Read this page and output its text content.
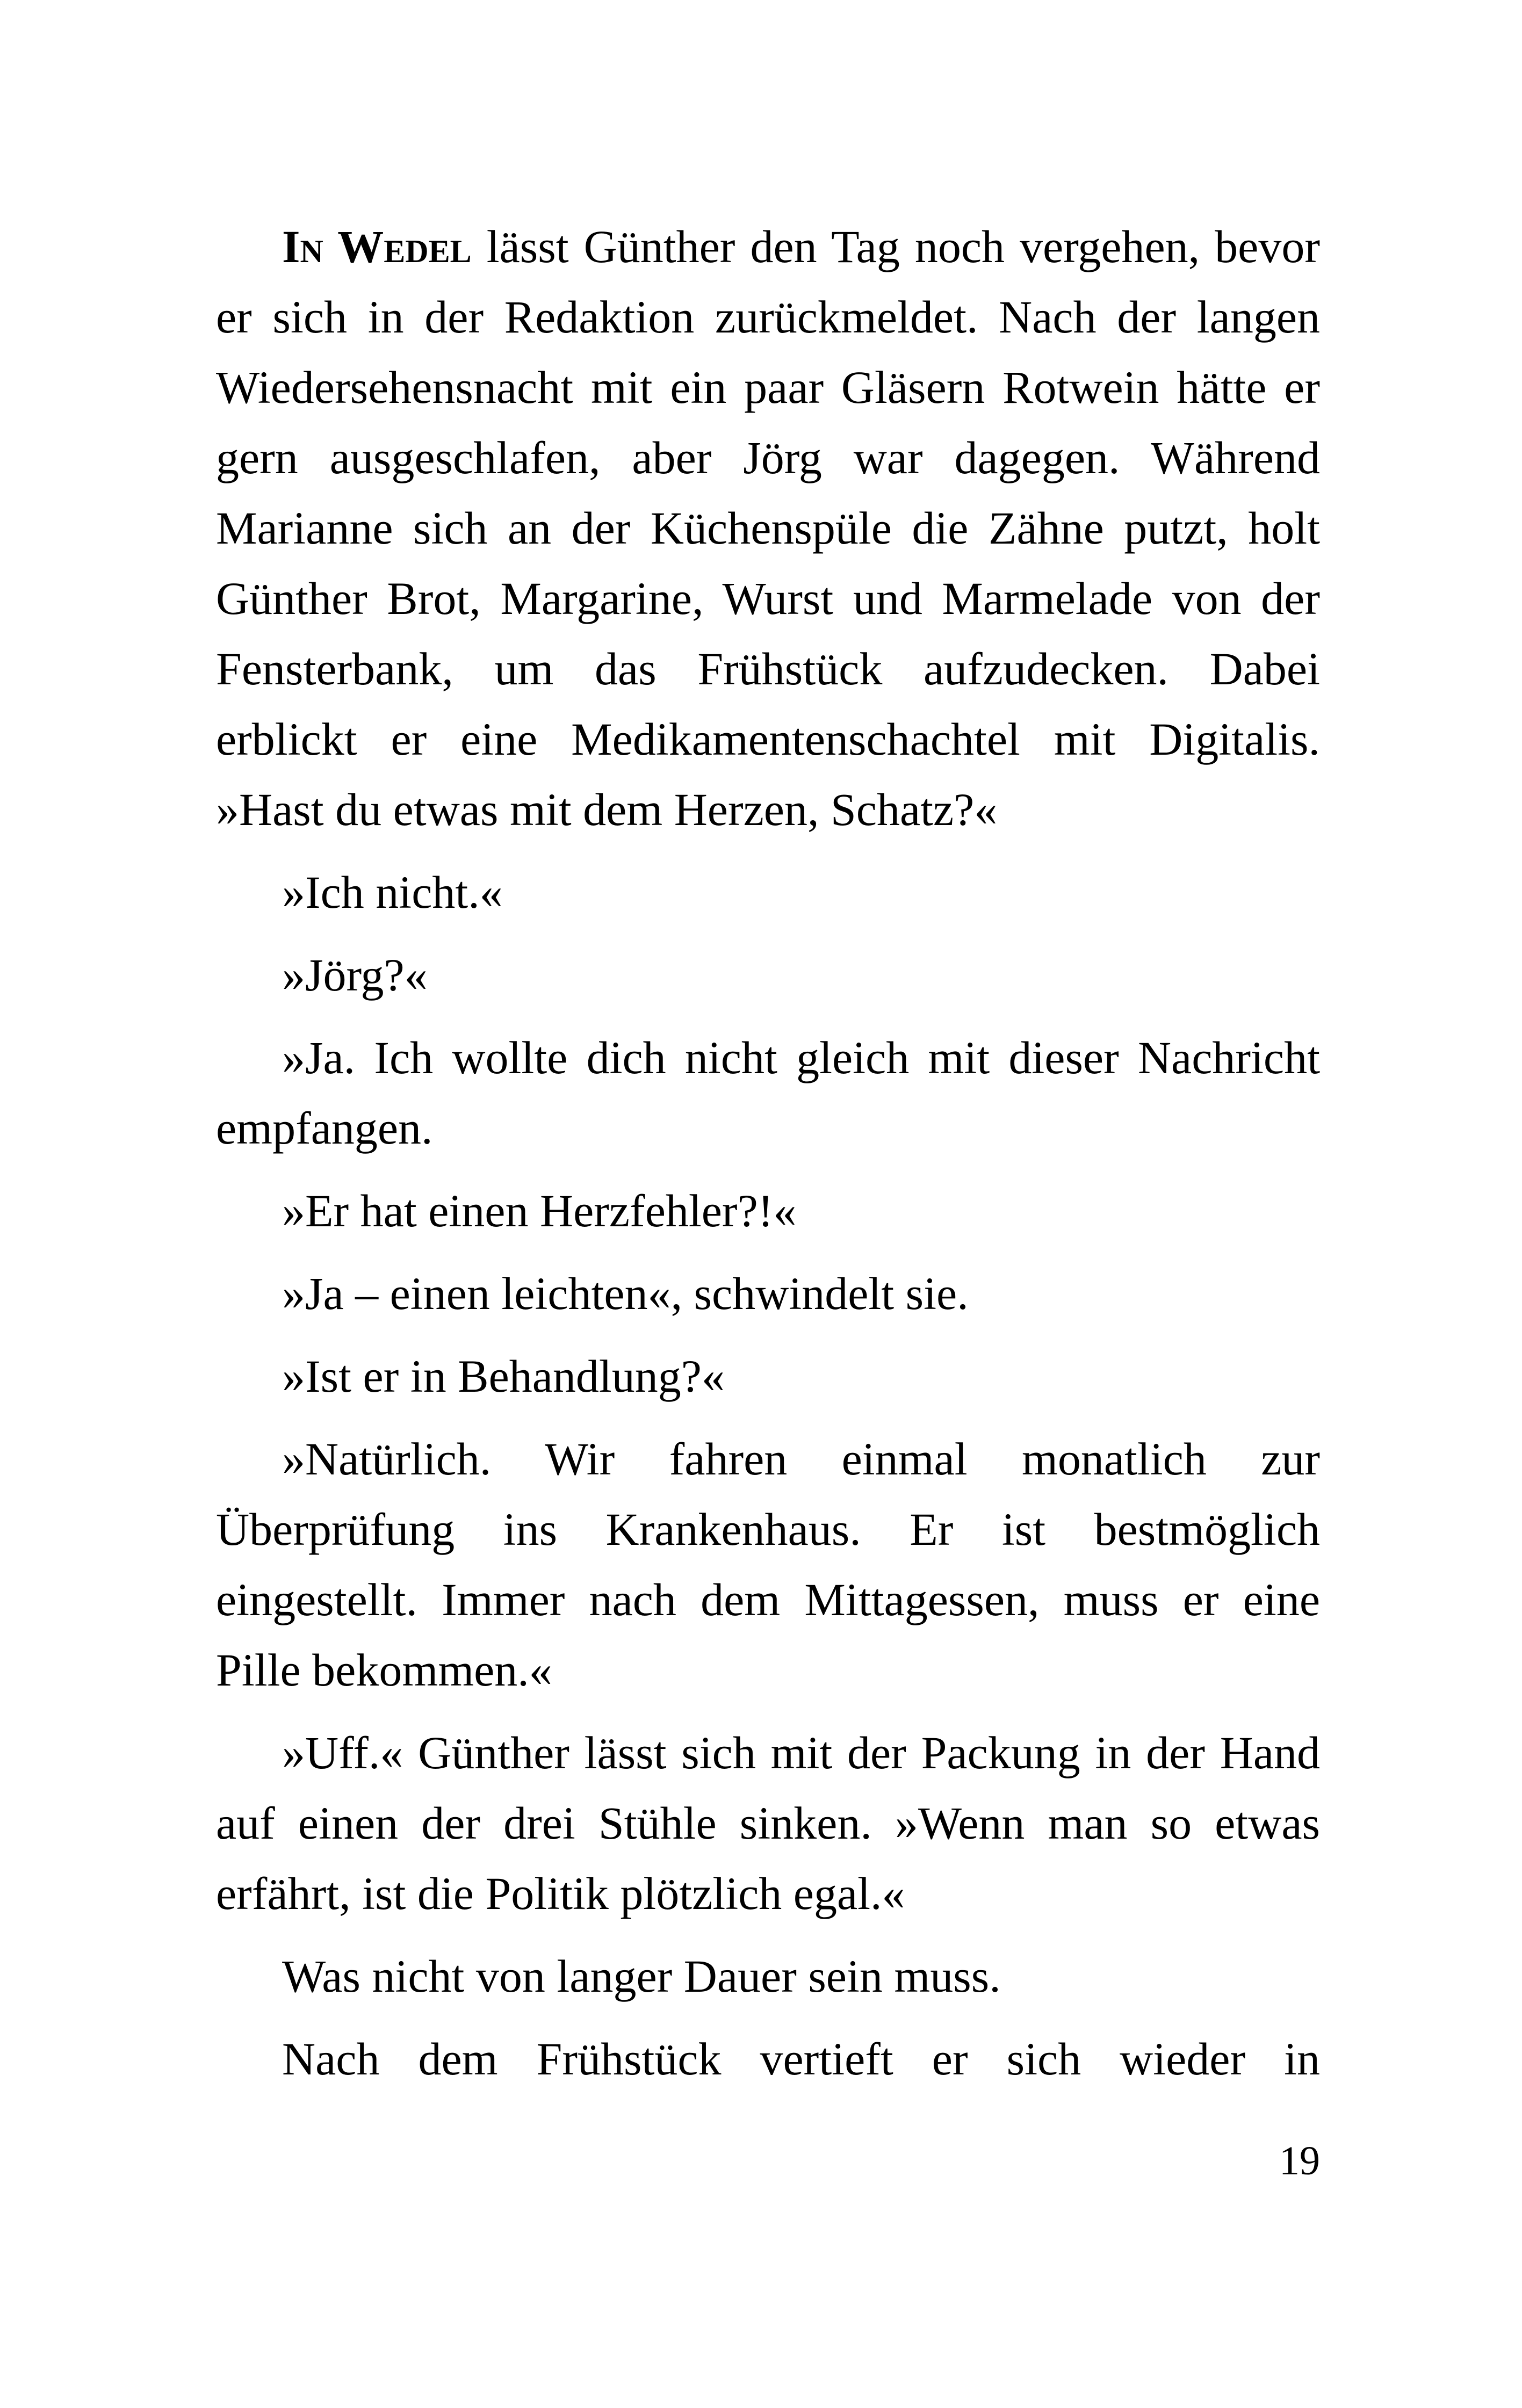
In Wedel lässt Günther den Tag noch vergehen, bevor er sich in der Redaktion zurückmeldet. Nach der langen Wiedersehensnacht mit ein paar Gläsern Rotwein hätte er gern ausgeschlafen, aber Jörg war dagegen. Während Marianne sich an der Küchenspüle die Zähne putzt, holt Günther Brot, Margarine, Wurst und Marmelade von der Fensterbank, um das Frühstück aufzudecken. Dabei erblickt er eine Medikamentenschachtel mit Digitalis. »Hast du etwas mit dem Herzen, Schatz?«

»Ich nicht.«

»Jörg?«

»Ja. Ich wollte dich nicht gleich mit dieser Nachricht empfangen.

»Er hat einen Herzfehler?!«

»Ja – einen leichten«, schwindelt sie.

»Ist er in Behandlung?«

»Natürlich. Wir fahren einmal monatlich zur Überprüfung ins Krankenhaus. Er ist bestmöglich eingestellt. Immer nach dem Mittagessen, muss er eine Pille bekommen.«

»Uff.« Günther lässt sich mit der Packung in der Hand auf einen der drei Stühle sinken. »Wenn man so etwas erfährt, ist die Politik plötzlich egal.«

Was nicht von langer Dauer sein muss.

Nach dem Frühstück vertieft er sich wieder in

19
